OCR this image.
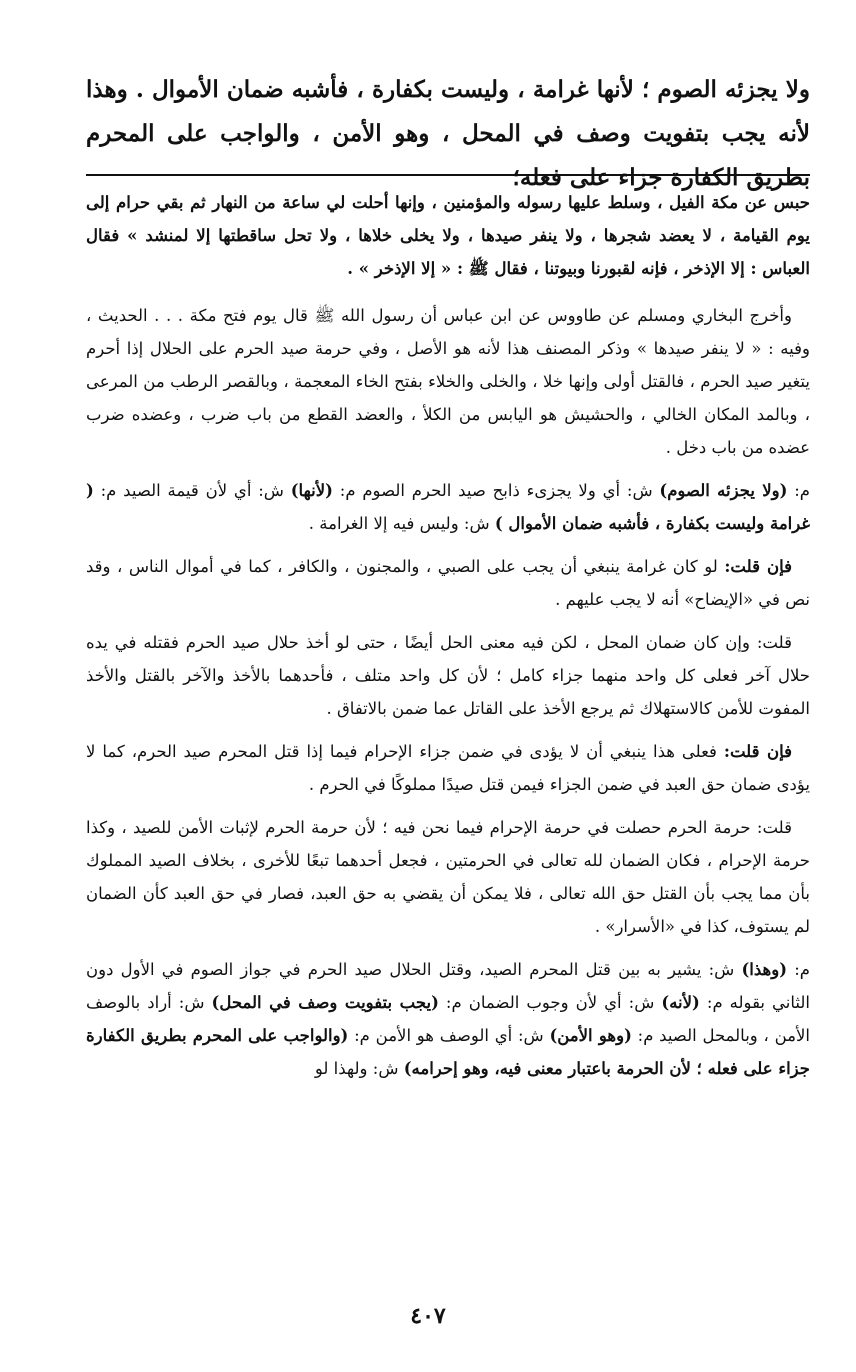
ولا يجزئه الصوم ؛ لأنها غرامة ، وليست بكفارة ، فأشبه ضمان الأموال . وهذا لأنه يجب بتفويت وصف في المحل ، وهو الأمن ، والواجب على المحرم بطريق الكفارة جزاء على فعله؛

حبس عن مكة الفيل ، وسلط عليها رسوله والمؤمنين ، وإنها أحلت لي ساعة من النهار ثم بقي حرام إلى يوم القيامة ، لا يعضد شجرها ، ولا ينفر صيدها ، ولا يخلى خلاها ، ولا تحل ساقطتها إلا لمنشد » فقال العباس : إلا الإذخر ، فإنه لقبورنا وبيوتنا ، فقال ﷺ : « إلا الإذخر » .

وأخرج البخاري ومسلم عن طاووس عن ابن عباس أن رسول الله ﷺ قال يوم فتح مكة . . . الحديث ، وفيه : « لا ينفر صيدها » وذكر المصنف هذا لأنه هو الأصل ، وفي حرمة صيد الحرم على الحلال إذا أحرم يتغير صيد الحرم ، فالقتل أولى وإنها خلا ، والخلى والخلاء بفتح الخاء المعجمة ، وبالقصر الرطب من المرعى ، وبالمد المكان الخالي ، والحشيش هو اليابس من الكلأ ، والعضد القطع من باب ضرب ، وعضده ضرب عضده من باب دخل .

م: (ولا يجزئه الصوم) ش: أي ولا يجزىء ذابح صيد الحرم الصوم م: (لأنها) ش: أي لأن قيمة الصيد م: ( غرامة وليست بكفارة ، فأشبه ضمان الأموال ) ش: وليس فيه إلا الغرامة .

فإن قلت: لو كان غرامة ينبغي أن يجب على الصبي ، والمجنون ، والكافر ، كما في أموال الناس ، وقد نص في «الإيضاح» أنه لا يجب عليهم .

قلت: وإن كان ضمان المحل ، لكن فيه معنى الحل أيضًا ، حتى لو أخذ حلال صيد الحرم فقتله في يده حلال آخر فعلى كل واحد منهما جزاء كامل ؛ لأن كل واحد متلف ، فأحدهما بالأخذ والآخر بالقتل والأخذ المفوت للأمن كالاستهلاك ثم يرجع الأخذ على القاتل عما ضمن بالاتفاق .

فإن قلت: فعلى هذا ينبغي أن لا يؤدى في ضمن جزاء الإحرام فيما إذا قتل المحرم صيد الحرم، كما لا يؤدى ضمان حق العبد في ضمن الجزاء فيمن قتل صيدًا مملوكًا في الحرم .

قلت: حرمة الحرم حصلت في حرمة الإحرام فيما نحن فيه ؛ لأن حرمة الحرم لإثبات الأمن للصيد ، وكذا حرمة الإحرام ، فكان الضمان لله تعالى في الحرمتين ، فجعل أحدهما تبعًا للأخرى ، بخلاف الصيد المملوك بأن مما يجب بأن القتل حق الله تعالى ، فلا يمكن أن يقضي به حق العبد، فصار في حق العبد كأن الضمان لم يستوف، كذا في «الأسرار» .

م: (وهذا) ش: يشير به بين قتل المحرم الصيد، وقتل الحلال صيد الحرم في جواز الصوم في الأول دون الثاني بقوله م: (لأنه) ش: أي لأن وجوب الضمان م: (يجب بتفويت وصف في المحل) ش: أراد بالوصف الأمن ، وبالمحل الصيد م: (وهو الأمن) ش: أي الوصف هو الأمن م: (والواجب على المحرم بطريق الكفارة جزاء على فعله ؛ لأن الحرمة باعتبار معنى فيه، وهو إحرامه) ش: ولهذا لو

٤٠٧
